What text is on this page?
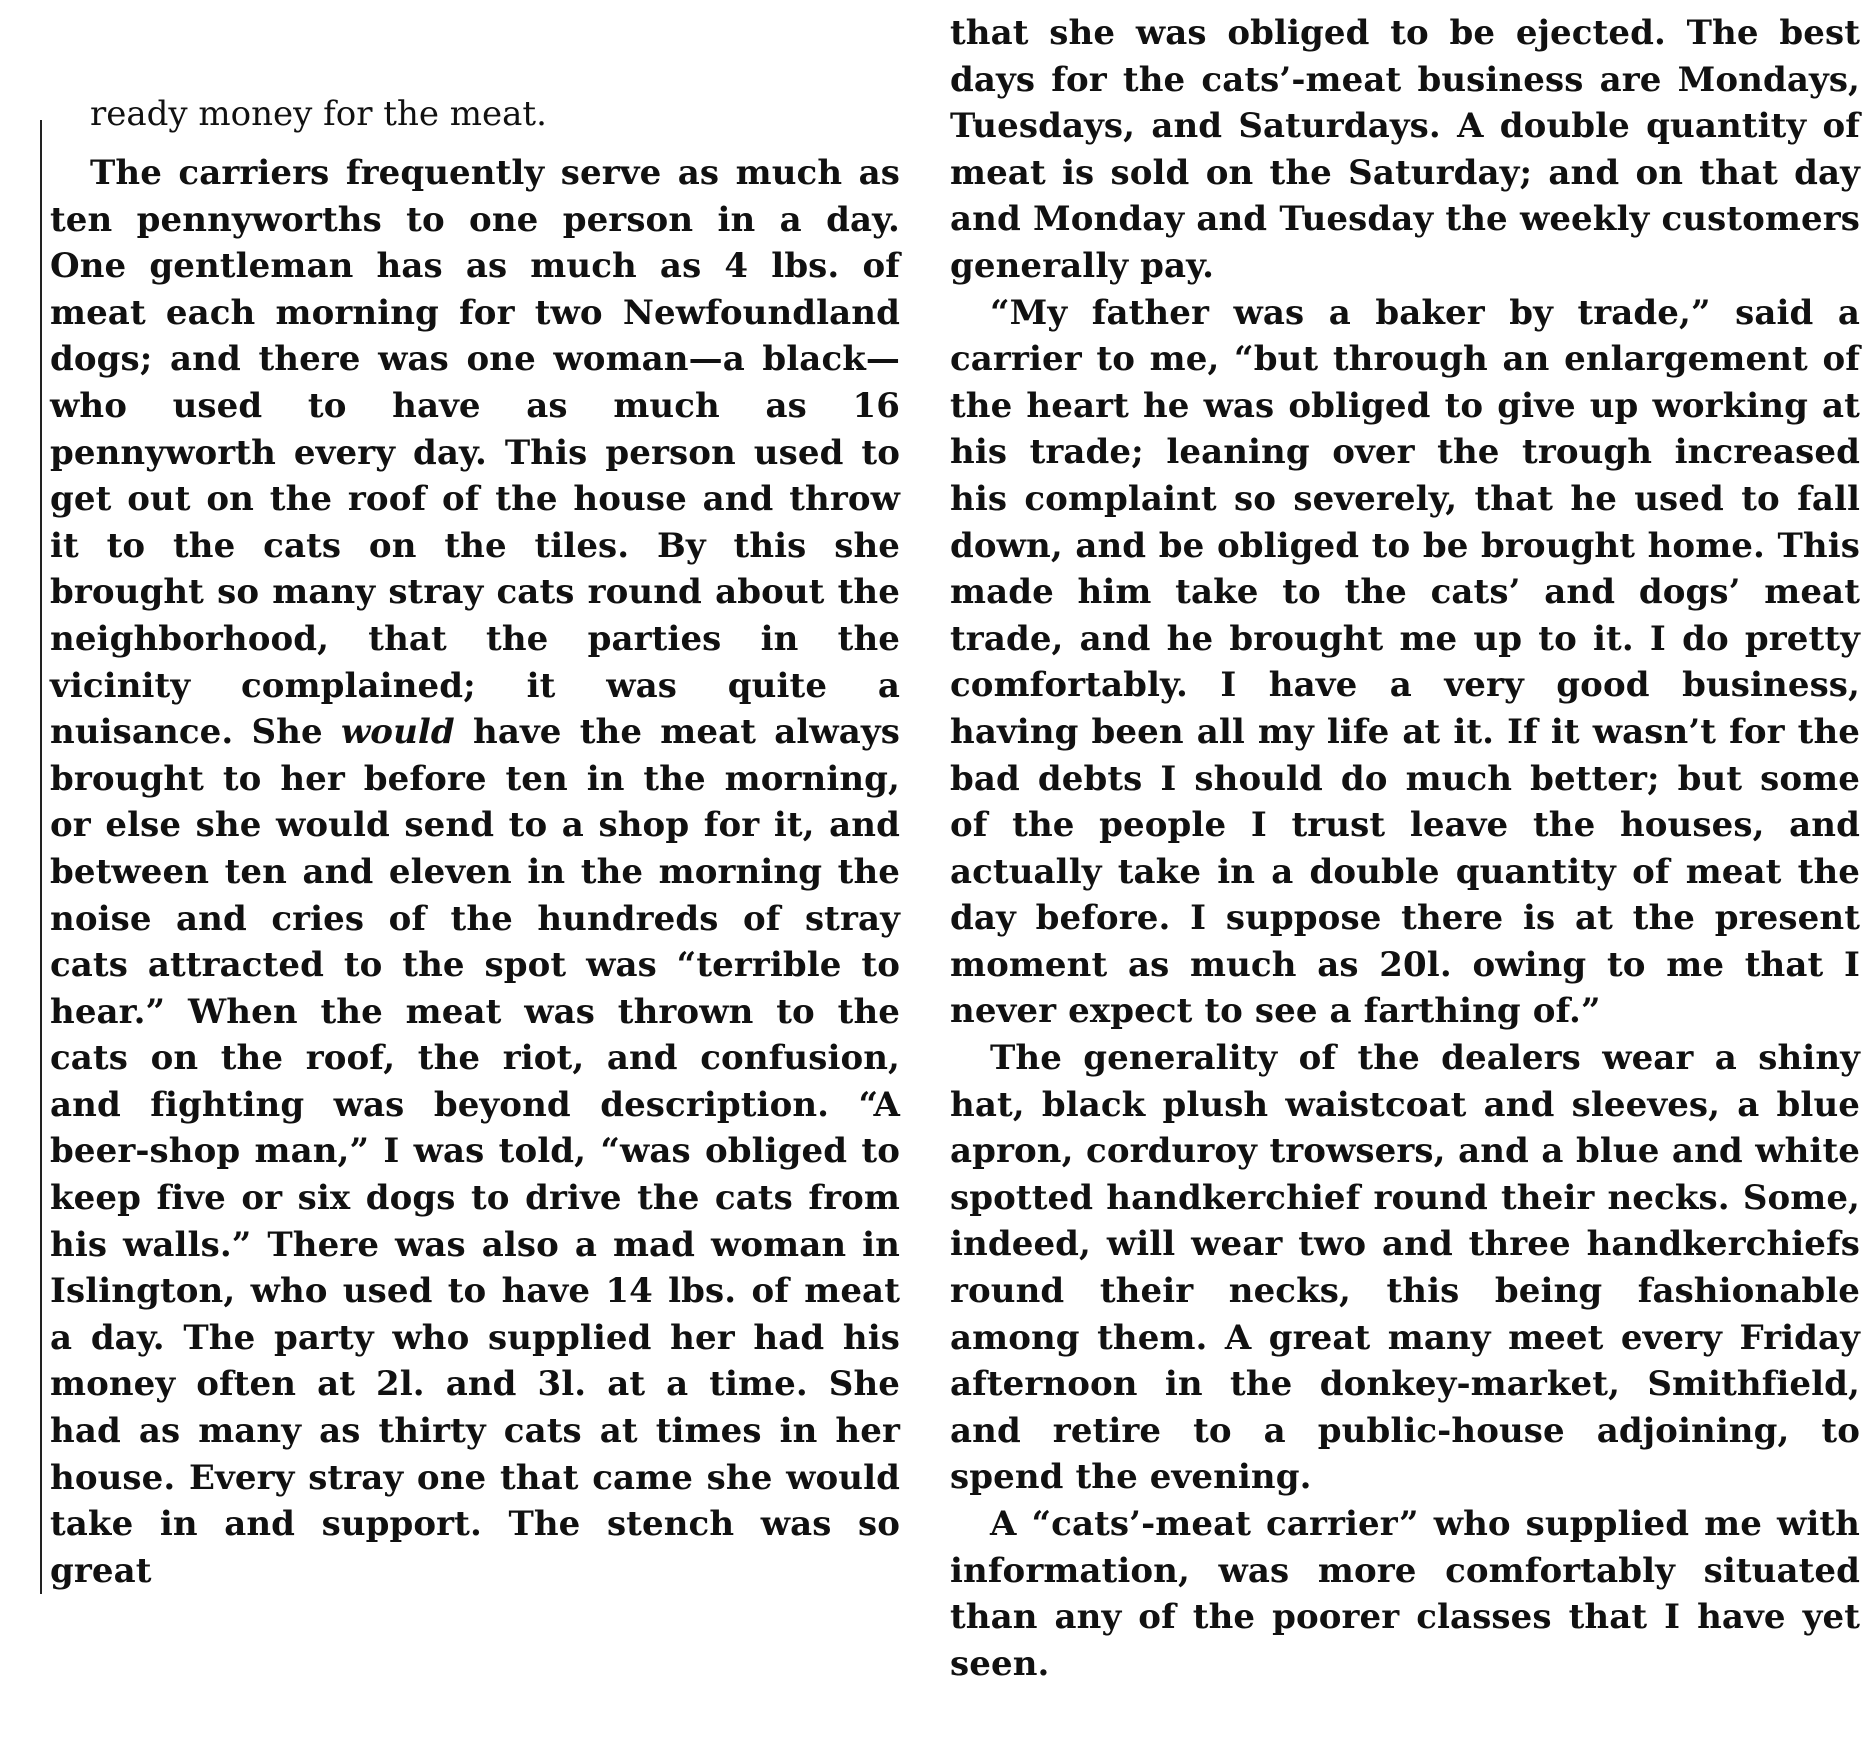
ready money for the meat.

The carriers frequently serve as much as ten pennyworths to one person in a day. One gentleman has as much as 4 lbs. of meat each morning for two Newfoundland dogs; and there was one woman—a black—who used to have as much as 16 pennyworth every day. This person used to get out on the roof of the house and throw it to the cats on the tiles. By this she brought so many stray cats round about the neighborhood, that the parties in the vicinity complained; it was quite a nuisance. She would have the meat always brought to her before ten in the morning, or else she would send to a shop for it, and between ten and eleven in the morning the noise and cries of the hundreds of stray cats attracted to the spot was “terrible to hear.” When the meat was thrown to the cats on the roof, the riot, and confusion, and fighting was beyond description. “A beer-shop man,” I was told, “was obliged to keep five or six dogs to drive the cats from his walls.” There was also a mad woman in Islington, who used to have 14 lbs. of meat a day. The party who supplied her had his money often at 2l. and 3l. at a time. She had as many as thirty cats at times in her house. Every stray one that came she would take in and support. The stench was so great

that she was obliged to be ejected. The best days for the cats’-meat business are Mondays, Tuesdays, and Saturdays. A double quantity of meat is sold on the Saturday; and on that day and Monday and Tuesday the weekly customers generally pay.

“My father was a baker by trade,” said a carrier to me, “but through an enlargement of the heart he was obliged to give up working at his trade; leaning over the trough increased his complaint so severely, that he used to fall down, and be obliged to be brought home. This made him take to the cats’ and dogs’ meat trade, and he brought me up to it. I do pretty comfortably. I have a very good business, having been all my life at it. If it wasn’t for the bad debts I should do much better; but some of the people I trust leave the houses, and actually take in a double quantity of meat the day before. I suppose there is at the present moment as much as 20l. owing to me that I never expect to see a farthing of.”

The generality of the dealers wear a shiny hat, black plush waistcoat and sleeves, a blue apron, corduroy trowsers, and a blue and white spotted handkerchief round their necks. Some, indeed, will wear two and three handkerchiefs round their necks, this being fashionable among them. A great many meet every Friday afternoon in the donkey-market, Smithfield, and retire to a public-house adjoining, to spend the evening.

A “cats’-meat carrier” who supplied me with information, was more comfortably situated than any of the poorer classes that I have yet seen.
